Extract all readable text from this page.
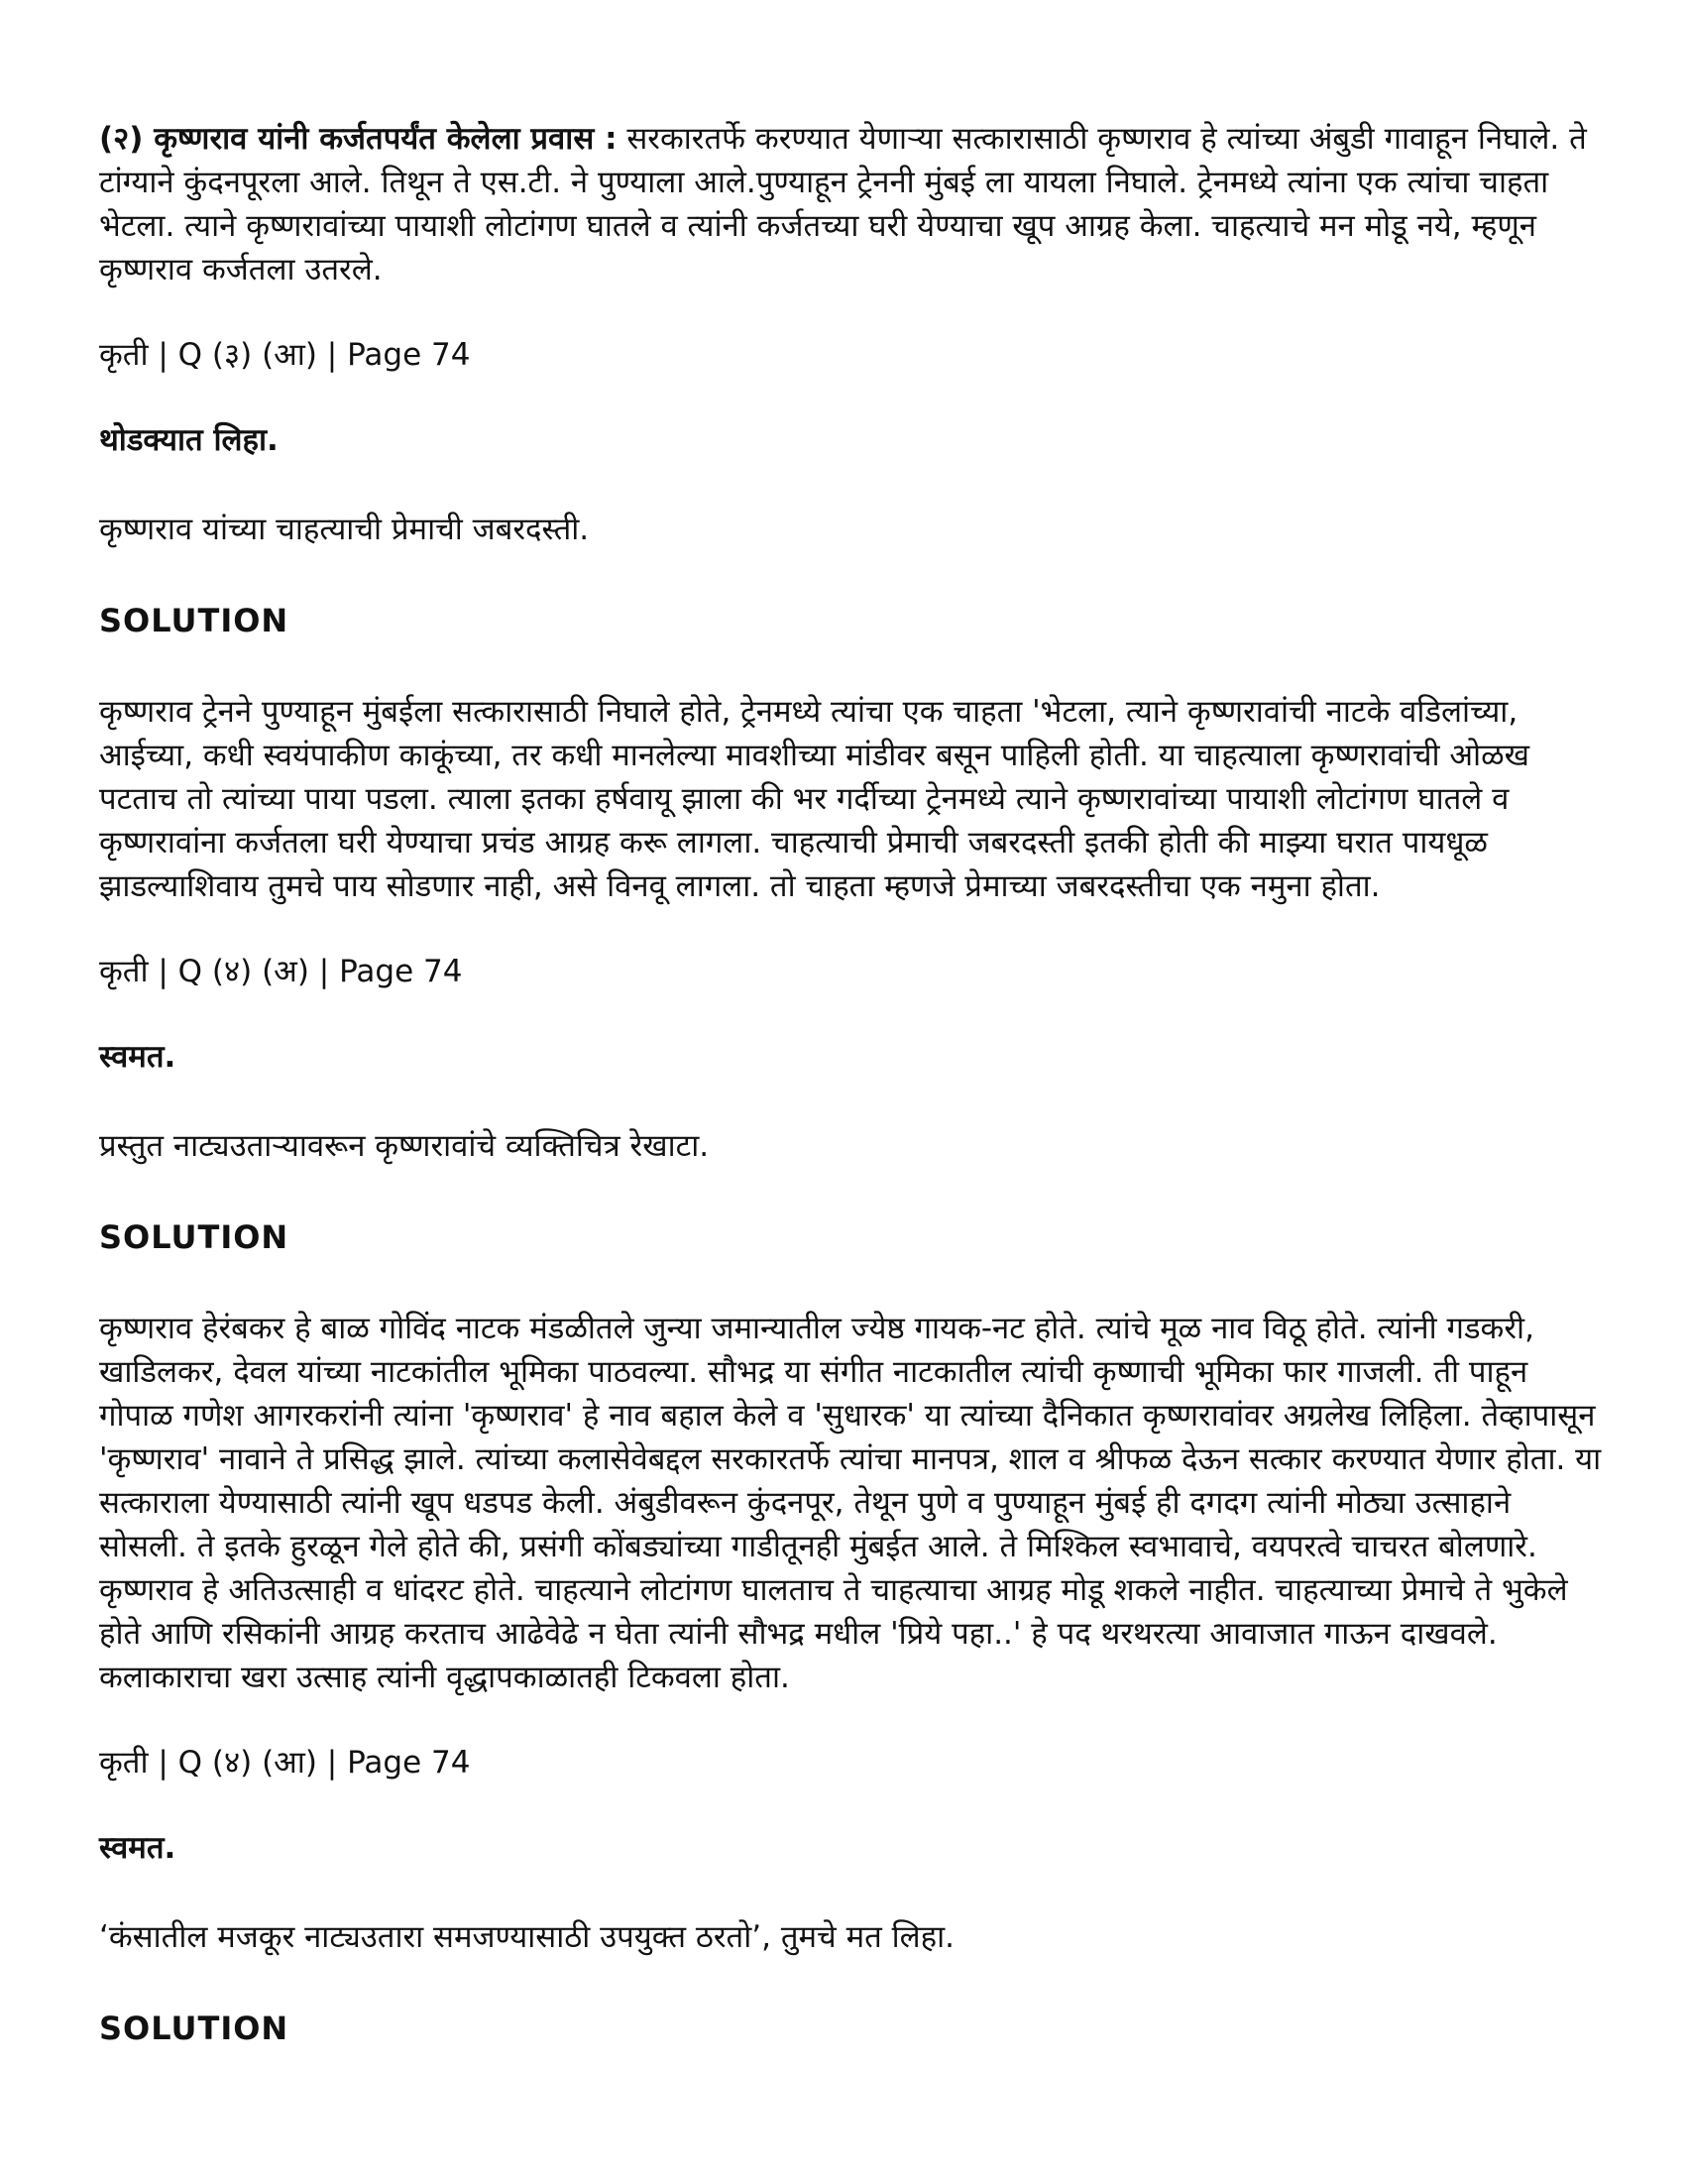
(२) कृष्णराव यांनी कर्जतपर्यंत केलेला प्रवास : सरकारतर्फे करण्यात येणाऱ्या सत्कारासाठी कृष्णराव हे त्यांच्या अंबुडी गावाहून निघाले. ते टांग्याने कुंदनपूरला आले. तिथून ते एस.टी. ने पुण्याला आले.पुण्याहून ट्रेननी मुंबई ला यायला निघाले. ट्रेनमध्ये त्यांना एक त्यांचा चाहता भेटला. त्याने कृष्णरावांच्या पायाशी लोटांगण घातले व त्यांनी कर्जतच्या घरी येण्याचा खूप आग्रह केला. चाहत्याचे मन मोडू नये, म्हणून कृष्णराव कर्जतला उतरले.

कृती | Q (३) (आ) | Page 74

थोडक्यात लिहा.

कृष्णराव यांच्या चाहत्याची प्रेमाची जबरदस्ती.

SOLUTION

कृष्णराव ट्रेनने पुण्याहून मुंबईला सत्कारासाठी निघाले होते, ट्रेनमध्ये त्यांचा एक चाहता 'भेटला, त्याने कृष्णरावांची नाटके वडिलांच्या, आईच्या, कधी स्वयंपाकीण काकूंच्या, तर कधी मानलेल्या मावशीच्या मांडीवर बसून पाहिली होती. या चाहत्याला कृष्णरावांची ओळख पटताच तो त्यांच्या पाया पडला. त्याला इतका हर्षवायू झाला की भर गर्दीच्या ट्रेनमध्ये त्याने कृष्णरावांच्या पायाशी लोटांगण घातले व कृष्णरावांना कर्जतला घरी येण्याचा प्रचंड आग्रह करू लागला. चाहत्याची प्रेमाची जबरदस्ती इतकी होती की माझ्या घरात पायधूळ झाडल्याशिवाय तुमचे पाय सोडणार नाही, असे विनवू लागला. तो चाहता म्हणजे प्रेमाच्या जबरदस्तीचा एक नमुना होता.

कृती | Q (४) (अ) | Page 74

स्वमत.

प्रस्तुत नाट्यउताऱ्यावरून कृष्णरावांचे व्यक्तिचित्र रेखाटा.

SOLUTION

कृष्णराव हेरंबकर हे बाळ गोविंद नाटक मंडळीतले जुन्या जमान्यातील ज्येष्ठ गायक-नट होते. त्यांचे मूळ नाव विठू होते. त्यांनी गडकरी, खाडिलकर, देवल यांच्या नाटकांतील भूमिका पाठवल्या. सौभद्र या संगीत नाटकातील त्यांची कृष्णाची भूमिका फार गाजली. ती पाहून गोपाळ गणेश आगरकरांनी त्यांना 'कृष्णराव' हे नाव बहाल केले व 'सुधारक' या त्यांच्या दैनिकात कृष्णरावांवर अग्रलेख लिहिला. तेव्हापासून 'कृष्णराव' नावाने ते प्रसिद्ध झाले. त्यांच्या कलासेवेबद्दल सरकारतर्फे त्यांचा मानपत्र, शाल व श्रीफळ देऊन सत्कार करण्यात येणार होता. या सत्काराला येण्यासाठी त्यांनी खूप धडपड केली. अंबुडीवरून कुंदनपूर, तेथून पुणे व पुण्याहून मुंबई ही दगदग त्यांनी मोठ्या उत्साहाने सोसली. ते इतके हुरळून गेले होते की, प्रसंगी कोंबड्यांच्या गाडीतूनही मुंबईत आले. ते मिश्किल स्वभावाचे, वयपरत्वे चाचरत बोलणारे. कृष्णराव हे अतिउत्साही व धांदरट होते. चाहत्याने लोटांगण घालताच ते चाहत्याचा आग्रह मोडू शकले नाहीत. चाहत्याच्या प्रेमाचे ते भुकेले होते आणि रसिकांनी आग्रह करताच आढेवेढे न घेता त्यांनी सौभद्र मधील 'प्रिये पहा..' हे पद थरथरत्या आवाजात गाऊन दाखवले. कलाकाराचा खरा उत्साह त्यांनी वृद्धापकाळातही टिकवला होता.

कृती | Q (४) (आ) | Page 74

स्वमत.

‘कंसातील मजकूर नाट्यउतारा समजण्यासाठी उपयुक्त ठरतो’, तुमचे मत लिहा.

SOLUTION
